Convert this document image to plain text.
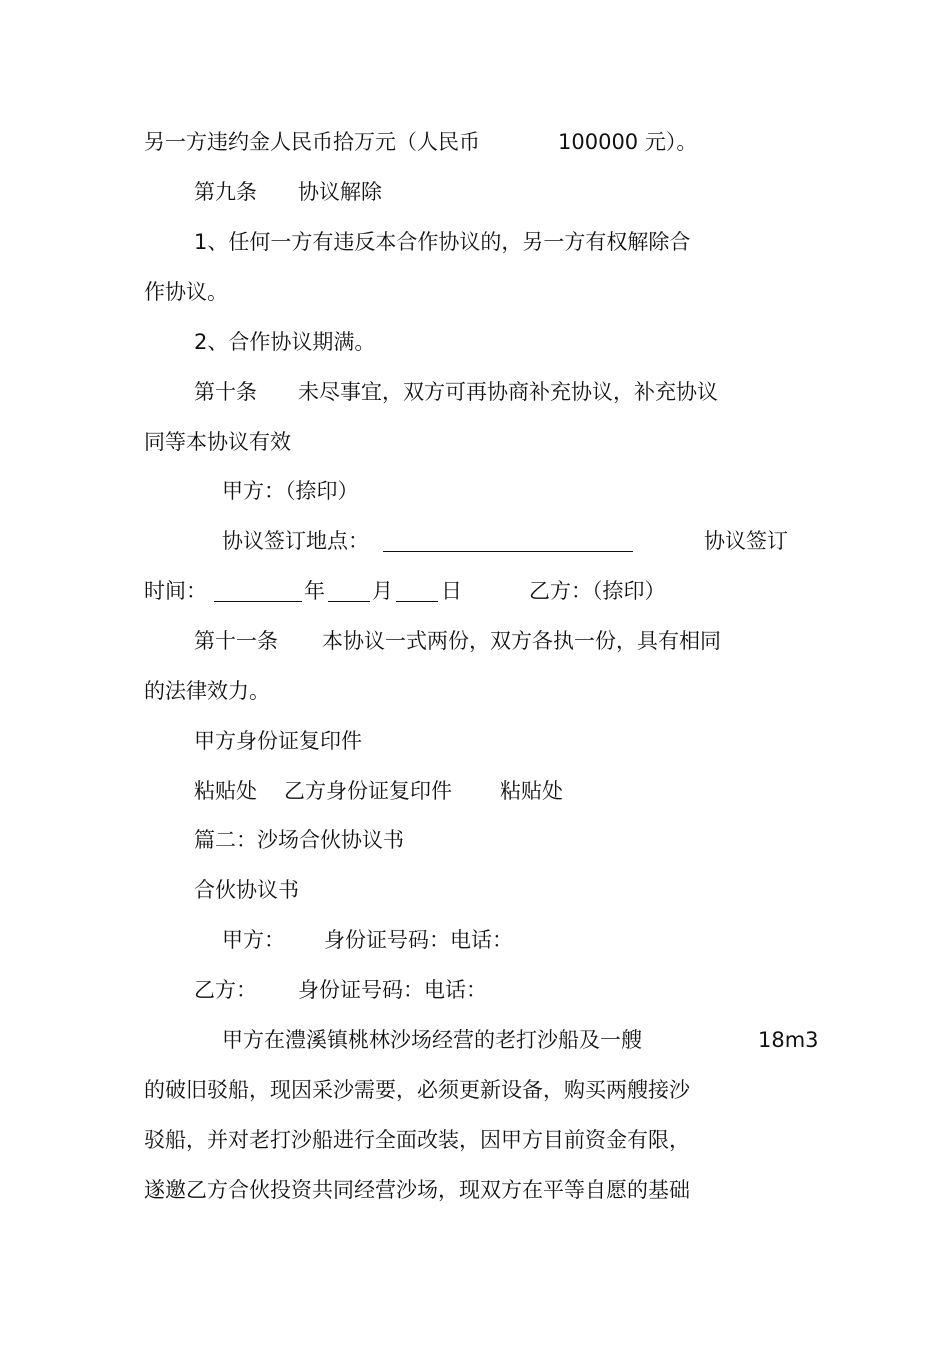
另一方违约金人民币拾万元（人民币	100000 元）。
第九条 协议解除
1、任何一方有违反本合作协议的，另一方有权解除合
作协议。
2、合作协议期满。
第十条 未尽事宜，双方可再协商补充协议，补充协议
同等本协议有效
甲方：（捺印）
协议签订地点：	协议签订
时间：	年 月 日	乙方：（捺印）
第十一条 本协议一式两份，双方各执一份，具有相同
的法律效力。
甲方身份证复印件
粘贴处 乙方身份证复印件 粘贴处
篇二：沙场合伙协议书
合伙协议书
甲方： 身份证号码：电话：
乙方： 身份证号码：电话：
甲方在澧溪镇桃林沙场经营的老打沙船及一艘	18m3
的破旧驳船，现因采沙需要，必须更新设备，购买两艘接沙
驳船，并对老打沙船进行全面改装，因甲方目前资金有限，
遂邀乙方合伙投资共同经营沙场，现双方在平等自愿的基础
